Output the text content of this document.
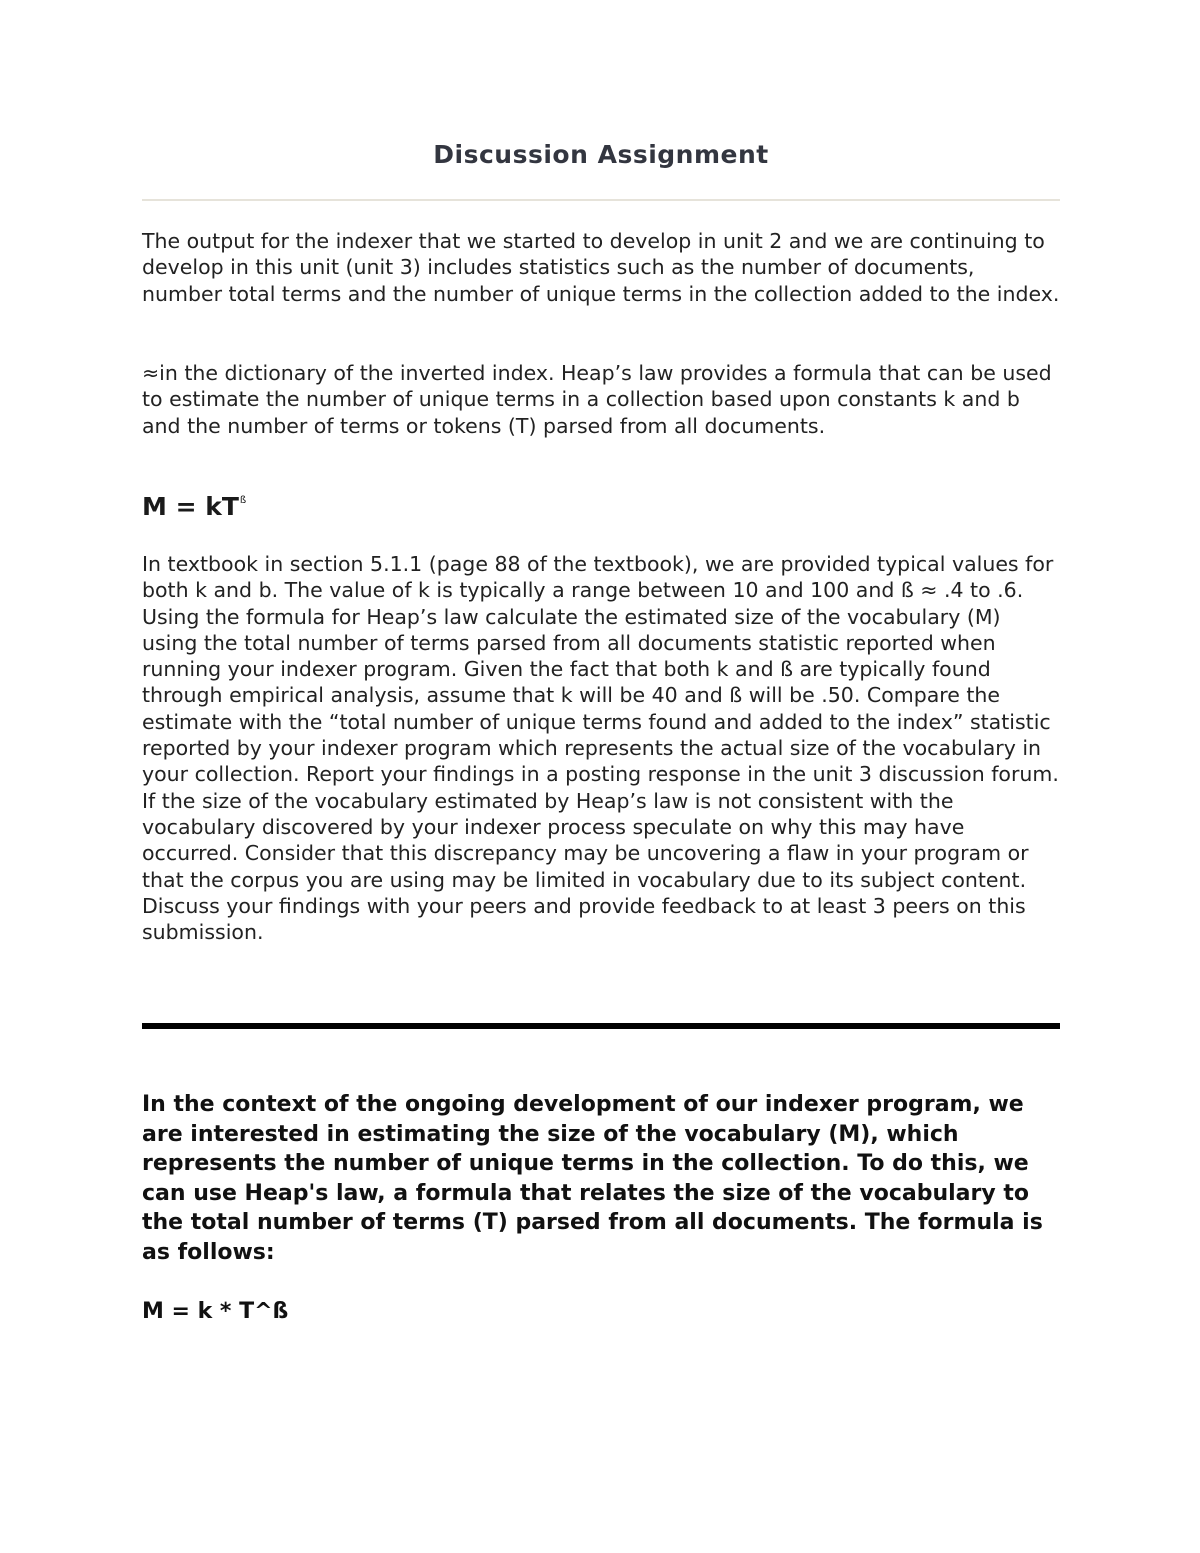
Discussion Assignment

The output for the indexer that we started to develop in unit 2 and we are continuing to develop in this unit (unit 3) includes statistics such as the number of documents, number total terms and the number of unique terms in the collection added to the index.

≈in the dictionary of the inverted index. Heap’s law provides a formula that can be used to estimate the number of unique terms in a collection based upon constants k and b and the number of terms or tokens (T) parsed from all documents.

$M = kT^ß$

In textbook in section 5.1.1 (page 88 of the textbook), we are provided typical values for both k and b. The value of k is typically a range between 10 and 100 and ß ≈ .4 to .6. Using the formula for Heap’s law calculate the estimated size of the vocabulary (M) using the total number of terms parsed from all documents statistic reported when running your indexer program. Given the fact that both k and ß are typically found through empirical analysis, assume that k will be 40 and ß will be .50. Compare the estimate with the “total number of unique terms found and added to the index” statistic reported by your indexer program which represents the actual size of the vocabulary in your collection. Report your findings in a posting response in the unit 3 discussion forum. If the size of the vocabulary estimated by Heap’s law is not consistent with the vocabulary discovered by your indexer process speculate on why this may have occurred. Consider that this discrepancy may be uncovering a flaw in your program or that the corpus you are using may be limited in vocabulary due to its subject content. Discuss your findings with your peers and provide feedback to at least 3 peers on this submission.

In the context of the ongoing development of our indexer program, we are interested in estimating the size of the vocabulary (M), which represents the number of unique terms in the collection. To do this, we can use Heap's law, a formula that relates the size of the vocabulary to the total number of terms (T) parsed from all documents. The formula is as follows:

M = k * T^ß
